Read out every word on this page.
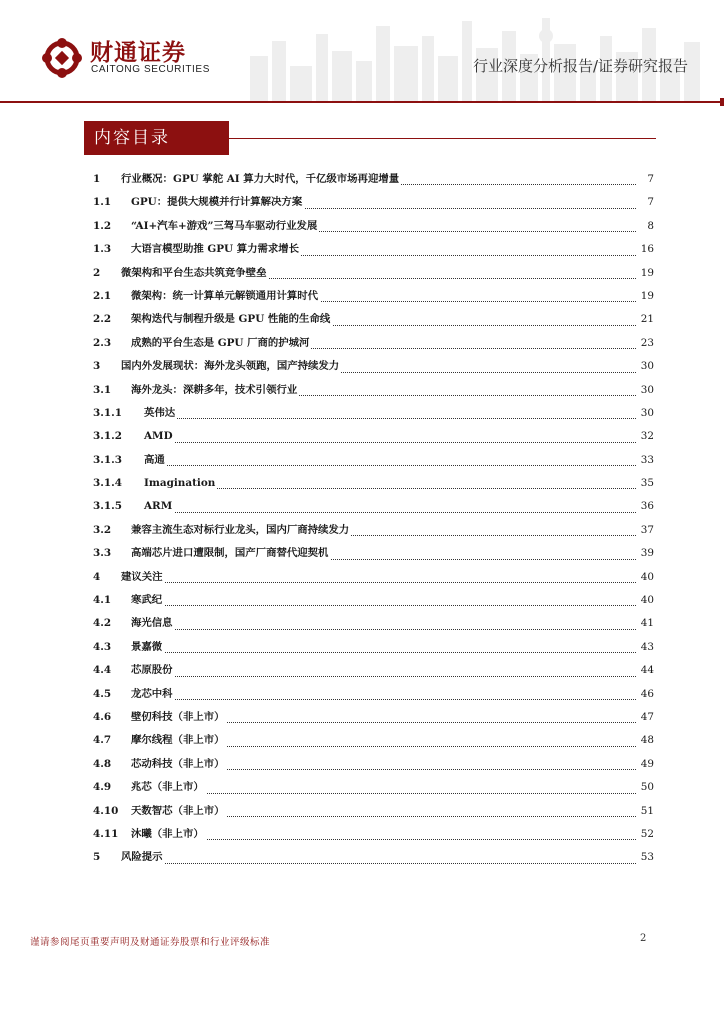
财通证券
CAITONG SECURITIES	行业深度分析报告/证券研究报告
内容目录
1 行业概况：GPU 掌舵 AI 算力大时代，千亿级市场再迎增量	7
1.1 GPU：提供大规模并行计算解决方案	7
1.2 “AI+汽车+游戏”三驾马车驱动行业发展	8
1.3 大语言模型助推 GPU 算力需求增长	16
2 微架构和平台生态共筑竞争壁垒	19
2.1 微架构：统一计算单元解锁通用计算时代	19
2.2 架构迭代与制程升级是 GPU 性能的生命线	21
2.3 成熟的平台生态是 GPU 厂商的护城河	23
3 国内外发展现状：海外龙头领跑，国产持续发力	30
3.1 海外龙头：深耕多年，技术引领行业	30
3.1.1 英伟达	30
3.1.2 AMD	32
3.1.3 高通	33
3.1.4 Imagination	35
3.1.5 ARM	36
3.2 兼容主流生态对标行业龙头，国内厂商持续发力	37
3.3 高端芯片进口遭限制，国产厂商替代迎契机	39
4 建议关注	40
4.1 寒武纪	40
4.2 海光信息	41
4.3 景嘉微	43
4.4 芯原股份	44
4.5 龙芯中科	46
4.6 壁仞科技（非上市）	47
4.7 摩尔线程（非上市）	48
4.8 芯动科技（非上市）	49
4.9 兆芯（非上市）	50
4.10 天数智芯（非上市）	51
4.11 沐曦（非上市）	52
5 风险提示	53
谨请参阅尾页重要声明及财通证券股票和行业评级标准	2
